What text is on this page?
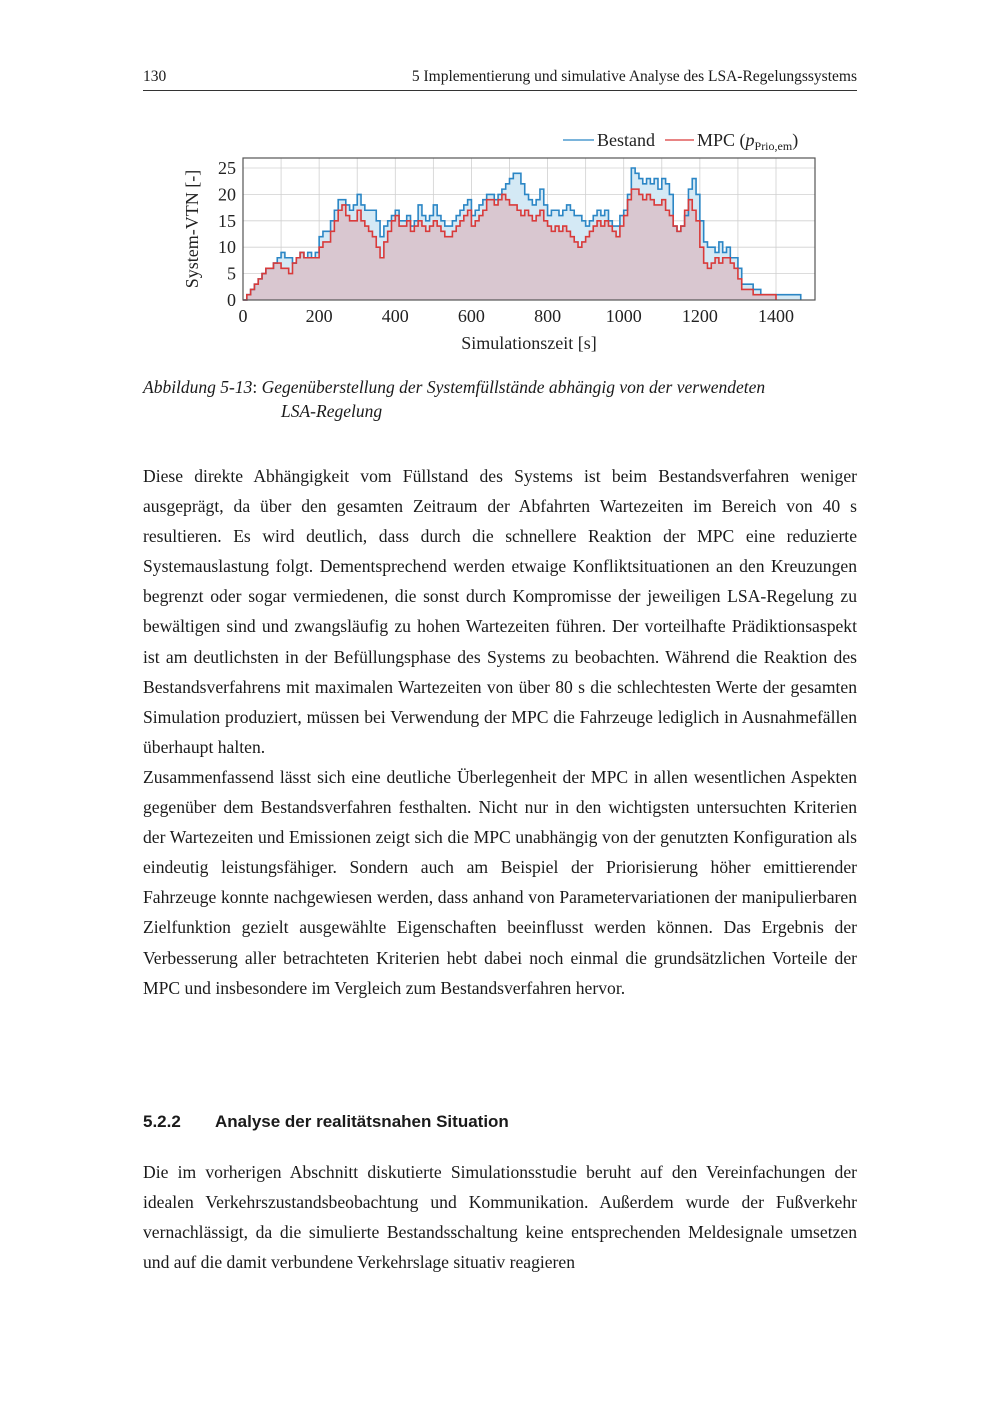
130	5 Implementierung und simulative Analyse des LSA-Regelungssystems
0
5
10
15
20
25
0	200	400	600	800 1000 1200 1400
Simulationszeit [s]
System-VTN [-]
Bestand MPC $(p_{Prio,em})$
Abbildung 5-13: Gegenüberstellung der Systemfüllstände abhängig von der verwendeten
LSA-Regelung

Diese direkte Abhängigkeit vom Füllstand des Systems ist beim Bestandsverfahren weniger ausgeprägt, da über den gesamten Zeitraum der Abfahrten Wartezeiten im Bereich von 40 s resultieren. Es wird deutlich, dass durch die schnellere Reaktion der MPC eine reduzierte Systemauslastung folgt. Dementsprechend werden etwaige Konfliktsituationen an den Kreuzungen begrenzt oder sogar vermiedenen, die sonst durch Kompromisse der jeweiligen LSA-Regelung zu bewältigen sind und zwangsläufig zu hohen Wartezeiten führen. Der vorteilhafte Prädiktionsaspekt ist am deutlichsten in der Befüllungsphase des Systems zu beobachten. Während die Reaktion des Bestandsverfahrens mit maximalen Wartezeiten von über 80 s die schlechtesten Werte der gesamten Simulation produziert, müssen bei Verwendung der MPC die Fahrzeuge lediglich in Ausnahmefällen überhaupt halten.

Zusammenfassend lässt sich eine deutliche Überlegenheit der MPC in allen wesentlichen Aspekten gegenüber dem Bestandsverfahren festhalten. Nicht nur in den wichtigsten untersuchten Kriterien der Wartezeiten und Emissionen zeigt sich die MPC unabhängig von der genutzten Konfiguration als eindeutig leistungsfähiger. Sondern auch am Beispiel der Priorisierung höher emittierender Fahrzeuge konnte nachgewiesen werden, dass anhand von Parametervariationen der manipulierbaren Zielfunktion gezielt ausgewählte Eigenschaften beeinflusst werden können. Das Ergebnis der Verbesserung aller betrachteten Kriterien hebt dabei noch einmal die grundsätzlichen Vorteile der MPC und insbesondere im Vergleich zum Bestandsverfahren hervor.

5.2.2 Analyse der realitätsnahen Situation

Die im vorherigen Abschnitt diskutierte Simulationsstudie beruht auf den Vereinfachungen der idealen Verkehrszustandsbeobachtung und Kommunikation. Außerdem wurde der Fußverkehr vernachlässigt, da die simulierte Bestandsschaltung keine entsprechenden Meldesignale umsetzen und auf die damit verbundene Verkehrslage situativ reagieren
